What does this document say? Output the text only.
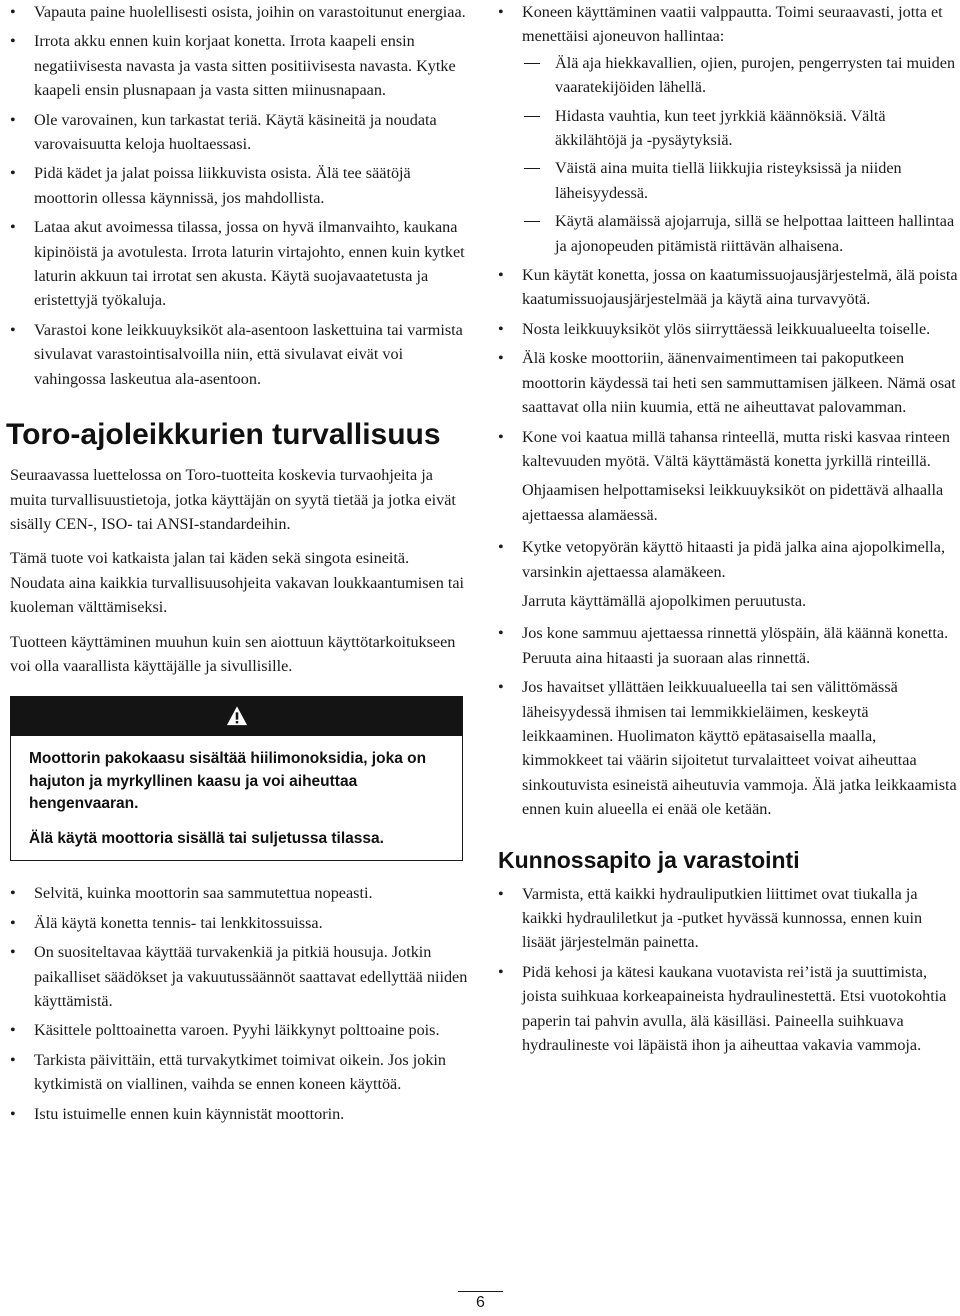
• Vapauta paine huolellisesti osista, joihin on varastoitunut energiaa.
• Irrota akku ennen kuin korjaat konetta. Irrota kaapeli ensin negatiivisesta navasta ja vasta sitten positiivisesta navasta. Kytke kaapeli ensin plusnapaan ja vasta sitten miinusnapaan.
• Ole varovainen, kun tarkastat teriä. Käytä käsineitä ja noudata varovaisuutta keloja huoltaessasi.
• Pidä kädet ja jalat poissa liikkuvista osista. Älä tee säätöjä moottorin ollessa käynnissä, jos mahdollista.
• Lataa akut avoimessa tilassa, jossa on hyvä ilmanvaihto, kaukana kipinöistä ja avotulesta. Irrota laturin virtajohto, ennen kuin kytket laturin akkuun tai irrotat sen akusta. Käytä suojavaatetusta ja eristettyjä työkaluja.
• Varastoi kone leikkuuyksiköt ala-asentoon laskettuina tai varmista sivulavat varastointisalvoilla niin, että sivulavat eivät voi vahingossa laskeutua ala-asentoon.
Toro-ajoleikkurien turvallisuus

Seuraavassa luettelossa on Toro-tuotteita koskevia turvaohjeita ja muita turvallisuustietoja, jotka käyttäjän on syytä tietää ja jotka eivät sisälly CEN-, ISO- tai ANSI-standardeihin.

Tämä tuote voi katkaista jalan tai käden sekä singota esineitä. Noudata aina kaikkia turvallisuusohjeita vakavan loukkaantumisen tai kuoleman välttämiseksi.

Tuotteen käyttäminen muuhun kuin sen aiottuun käyttötarkoitukseen voi olla vaarallista käyttäjälle ja sivullisille.

Moottorin pakokaasu sisältää hiilimonoksidia, joka on hajuton ja myrkyllinen kaasu ja voi aiheuttaa hengenvaaran.

Älä käytä moottoria sisällä tai suljetussa tilassa.

• Selvitä, kuinka moottorin saa sammutettua nopeasti.
• Älä käytä konetta tennis- tai lenkkitossuissa.
• On suositeltavaa käyttää turvakenkiä ja pitkiä housuja. Jotkin paikalliset säädökset ja vakuutussäännöt saattavat edellyttää niiden käyttämistä.
• Käsittele polttoainetta varoen. Pyyhi läikkynyt polttoaine pois.
• Tarkista päivittäin, että turvakytkimet toimivat oikein. Jos jokin kytkimistä on viallinen, vaihda se ennen koneen käyttöä.
• Istu istuimelle ennen kuin käynnistät moottorin.
• Koneen käyttäminen vaatii valppautta. Toimi seuraavasti, jotta et menettäisi ajoneuvon hallintaa:
Älä aja hiekkavallien, ojien, purojen, pengerrysten tai muiden vaaratekijöiden lähellä.
Hidasta vauhtia, kun teet jyrkkiä käännöksiä. Vältä äkkilähtöjä ja -pysäytyksiä.
Väistä aina muita tiellä liikkujia risteyksissä ja niiden läheisyydessä.
Käytä alamäissä ajojarruja, sillä se helpottaa laitteen hallintaa ja ajonopeuden pitämistä riittävän alhaisena.
• Kun käytät konetta, jossa on kaatumissuojausjärjestelmä, älä poista kaatumissuojausjärjestelmää ja käytä aina turvavyötä.
• Nosta leikkuuyksiköt ylös siirryttäessä leikkuualueelta toiselle.
• Älä koske moottoriin, äänenvaimentimeen tai pakoputkeen moottorin käydessä tai heti sen sammuttamisen jälkeen. Nämä osat saattavat olla niin kuumia, että ne aiheuttavat palovamman.
• Kone voi kaatua millä tahansa rinteellä, mutta riski kasvaa rinteen kaltevuuden myötä. Vältä käyttämästä konetta jyrkillä rinteillä.

Ohjaamisen helpottamiseksi leikkuuyksiköt on pidettävä alhaalla ajettaessa alamäessä.

• Kytke vetopyörän käyttö hitaasti ja pidä jalka aina ajopolkimella, varsinkin ajettaessa alamäkeen.

Jarruta käyttämällä ajopolkimen peruutusta.

• Jos kone sammuu ajettaessa rinnettä ylöspäin, älä käännä konetta. Peruuta aina hitaasti ja suoraan alas rinnettä.
• Jos havaitset yllättäen leikkuualueella tai sen välittömässä läheisyydessä ihmisen tai lemmikkieläimen, keskeytä leikkaaminen. Huolimaton käyttö epätasaisella maalla, kimmokkeet tai väärin sijoitetut turvalaitteet voivat aiheuttaa sinkoutuvista esineistä aiheutuvia vammoja. Älä jatka leikkaamista ennen kuin alueella ei enää ole ketään.
Kunnossapito ja varastointi
• Varmista, että kaikki hydrauliputkien liittimet ovat tiukalla ja kaikki hydrauliletkut ja -putket hyvässä kunnossa, ennen kuin lisäät järjestelmän painetta.
• Pidä kehosi ja kätesi kaukana vuotavista rei’istä ja suuttimista, joista suihkuaa korkeapaineista hydraulinestettä. Etsi vuotokohtia paperin tai pahvin avulla, älä käsilläsi. Paineella suihkuava hydraulineste voi läpäistä ihon ja aiheuttaa vakavia vammoja.
6
